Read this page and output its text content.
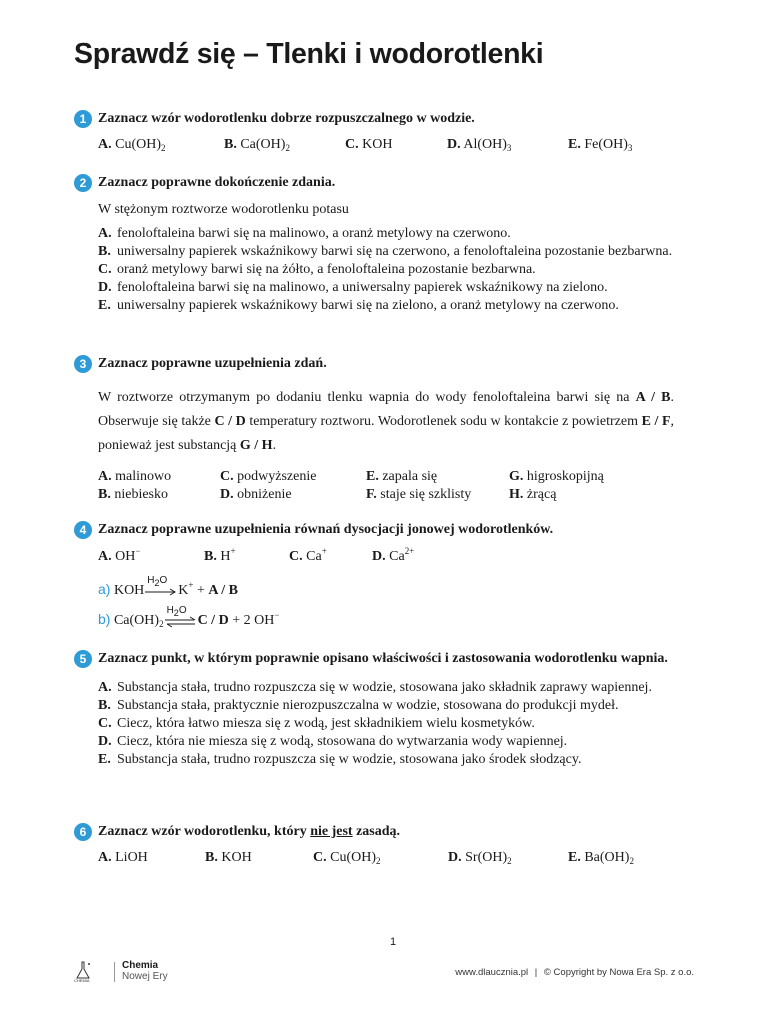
Sprawdź się – Tlenki i wodorotlenki

1 Zaznacz wzór wodorotlenku dobrze rozpuszczalnego w wodzie.

A. $Cu(OH)_2$	B. $Ca(OH)_2$	C. KOH	D. $Al(OH)_3$	E. $Fe(OH)_3$

2 Zaznacz poprawne dokończenie zdania.

W stężonym roztworze wodorotlenku potasu
A. fenoloftaleina barwi się na malinowo, a oranż metylowy na czerwono.
B. uniwersalny papierek wskaźnikowy barwi się na czerwono, a fenoloftaleina pozostanie bezbarwna.
C. oranż metylowy barwi się na żółto, a fenoloftaleina pozostanie bezbarwna.
D. fenoloftaleina barwi się na malinowo, a uniwersalny papierek wskaźnikowy na zielono.
E. uniwersalny papierek wskaźnikowy barwi się na zielono, a oranż metylowy na czerwono.

3 Zaznacz poprawne uzupełnienia zdań.

W roztworze otrzymanym po dodaniu tlenku wapnia do wody fenoloftaleina barwi się na A / B. Obserwuje się także C / D temperatury roztworu. Wodorotlenek sodu w kontakcie z powietrzem E / F, ponieważ jest substancją G / H.
A. malinowo	C. podwyższenie	E. zapala się	G. higroskopijną
B. niebiesko	D. obniżenie	F. staje się szklisty	H. żrącą

4 Zaznacz poprawne uzupełnienia równań dysocjacji jonowej wodorotlenków.

A. OH−	B. H+	C. Ca+	D. $Ca^{2+}$
a) KOH
$H_2O$
K+ + A / B
b) $Ca(OH)_2$
$H_2O$
C / D + 2 OH−

5 Zaznacz punkt, w którym poprawnie opisano właściwości i zastosowania wodorotlenku wapnia.

A. Substancja stała, trudno rozpuszcza się w wodzie, stosowana jako składnik zaprawy wapiennej.
B. Substancja stała, praktycznie nierozpuszczalna w wodzie, stosowana do produkcji mydeł.
C. Ciecz, która łatwo miesza się z wodą, jest składnikiem wielu kosmetyków.
D. Ciecz, która nie miesza się z wodą, stosowana do wytwarzania wody wapiennej.
E. Substancja stała, trudno rozpuszcza się w wodzie, stosowana jako środek słodzący.

6 Zaznacz wzór wodorotlenku, który nie jest zasadą.

A. LiOH	B. KOH	C. $Cu(OH)_2$	D. $Sr(OH)_2$	E. $Ba(OH)_2$
1
CHEMIA
Chemia
Nowej Ery	www.dlaucznia.pl | © Copyright by Nowa Era Sp. z o.o.
